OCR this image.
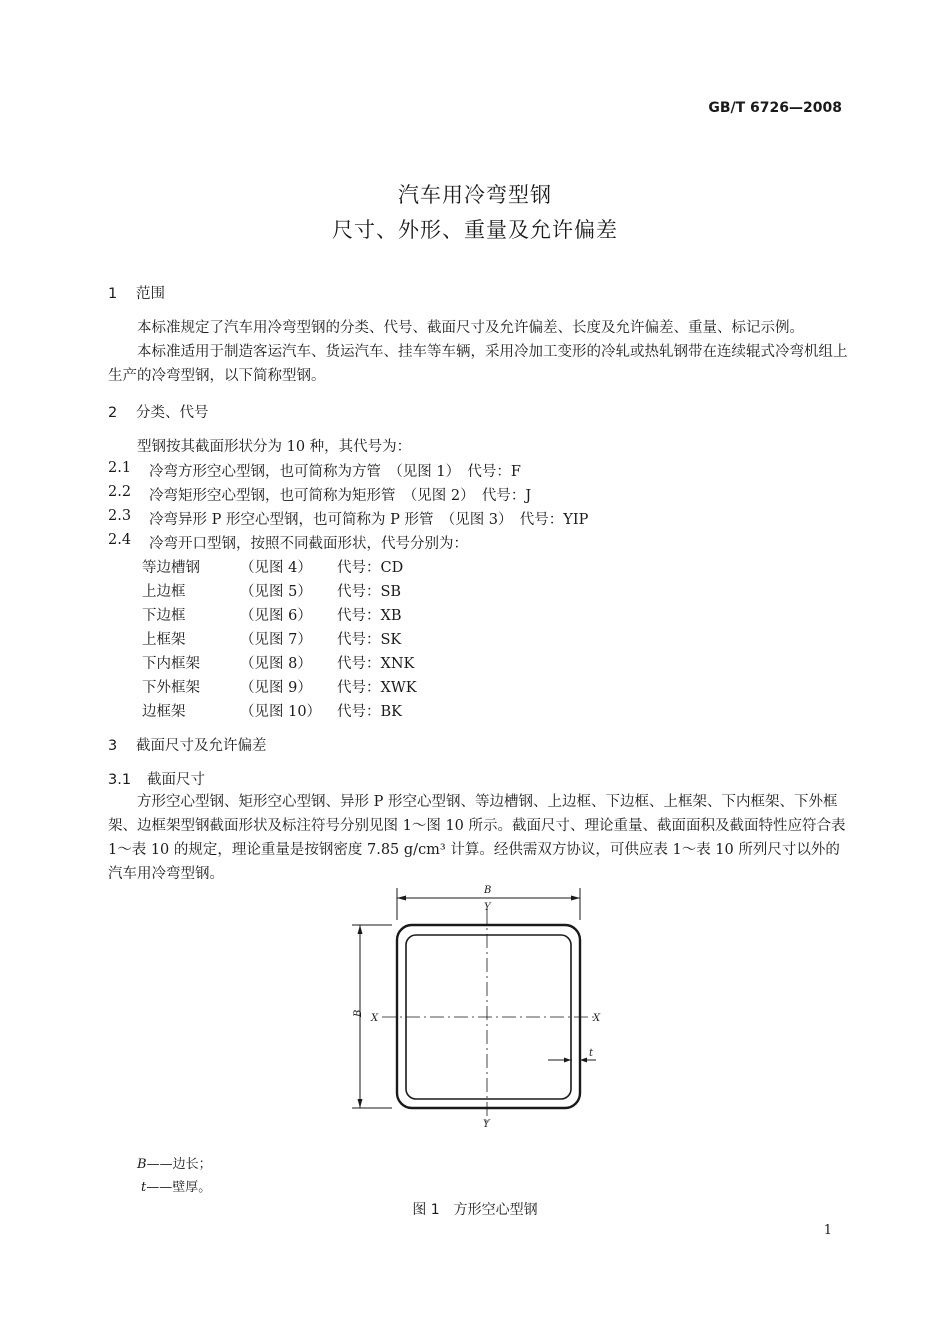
GB/T 6726—2008
汽车用冷弯型钢
尺寸、外形、重量及允许偏差
1 范围
本标准规定了汽车用冷弯型钢的分类、代号、截面尺寸及允许偏差、长度及允许偏差、重量、标记示例。
本标准适用于制造客运汽车、货运汽车、挂车等车辆，采用冷加工变形的冷轧或热轧钢带在连续辊式冷弯机组上生产的冷弯型钢，以下简称型钢。
2 分类、代号
型钢按其截面形状分为 10 种，其代号为：
2.1 冷弯方形空心型钢，也可简称为方管　（见图 1）　代号：F
2.2 冷弯矩形空心型钢，也可简称为矩形管　（见图 2）　代号：J
2.3 冷弯异形 P 形空心型钢，也可简称为 P 形管　（见图 3）　代号：YIP
2.4 冷弯开口型钢，按照不同截面形状，代号分别为：
等边槽钢	（见图 4） 代号：CD
上边框	（见图 5） 代号：SB
下边框	（见图 6） 代号：XB
上框架	（见图 7） 代号：SK
下内框架	（见图 8） 代号：XNK
下外框架	（见图 9） 代号：XWK
边框架	（见图 10） 代号：BK
3 截面尺寸及允许偏差
3.1 截面尺寸
方形空心型钢、矩形空心型钢、异形 P 形空心型钢、等边槽钢、上边框、下边框、上框架、下内框架、下外框架、边框架型钢截面形状及标注符号分别见图 1～图 10 所示。截面尺寸、理论重量、截面面积及截面特性应符合表 1～表 10 的规定，理论重量是按钢密度 7.85 g/cm³ 计算。经供需双方协议，可供应表 1～表 10 所列尺寸以外的汽车用冷弯型钢。
B
Y
B X	X
t
Y
B——边长；
t——壁厚。
图 1　方形空心型钢
1
